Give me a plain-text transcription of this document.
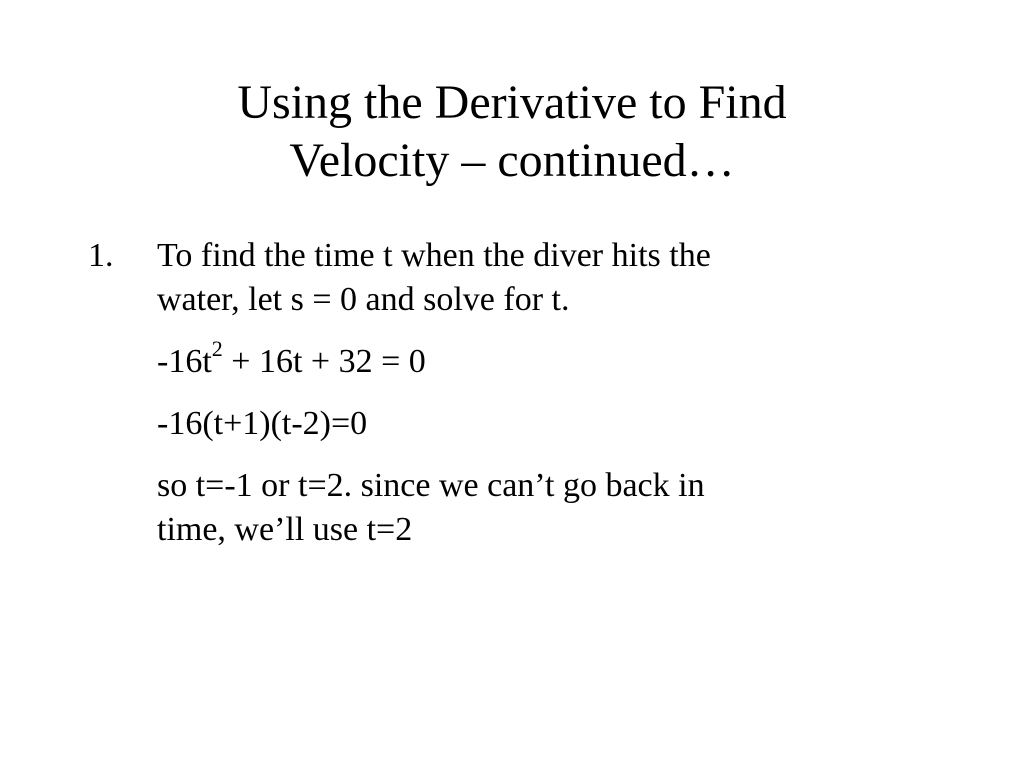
Using the Derivative to Find
Velocity – continued…
1. To find the time t when the diver hits the
water, let s = 0 and solve for t.
$-16t^2 + 16t + 32 = 0$
-16(t+1)(t-2)=0
so t=-1 or t=2. since we can’t go back in
time, we’ll use t=2
